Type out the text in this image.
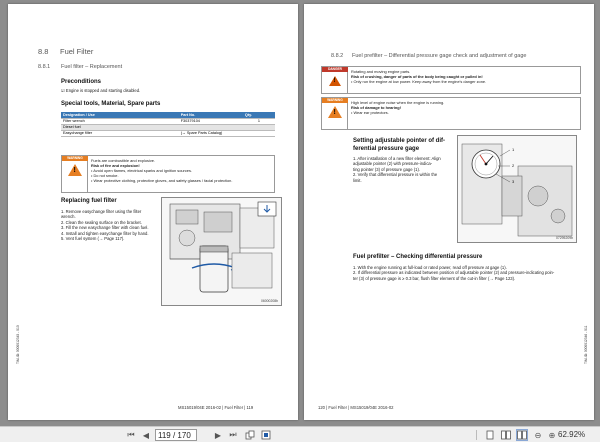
8.8 Fuel Filter
8.8.1 Fuel filter – Replacement
Preconditions
☑ Engine is stopped and starting disabled.
Special tools, Material, Spare parts
Designation / Use	Part No.	Qty.
Filter wrench	F30379104	1
Diesel fuel		
Easychange filter	(→ Spare Parts Catalog)	
WARNING
!
Fuels are combustible and explosive.
Risk of fire and explosion!
• Avoid open flames, electrical sparks and ignition sources.
• Do not smoke.
• Wear protective clothing, protective gloves, and safety glasses / facial protection.
Replacing fuel filter
1. Remove easychange filter using the filter
wrench.
2. Clean the sealing surface on the bracket.
3. Fill the new easychange filter with clean fuel.
4. Install and tighten easychange filter by hand.
5. Vent fuel system (→ Page 117).
06000208b
MS15019/04E 2016-02 | Fuel Filter | 119
TIM-ID: 0000012345 - 010
8.8.2 Fuel prefilter – Differential pressure gage check and adjustment of gage
DANGER
!
Rotating and moving engine parts.
Risk of crushing, danger of parts of the body being caught or pulled in!
• Only run the engine at low power. Keep away from the engine's danger zone.
WARNING
!
High level of engine noise when the engine is running.
Risk of damage to hearing!
• Wear ear protectors.
Setting adjustable pointer of dif-
ferential pressure gage
1. After installation of a new filter element: Align
adjustable pointer (2) with pressure-indica-
ting pointer (3) of pressure gage (1).
2. Verify that differential pressure is within the
limit.
1
2
3
07295209b
Fuel prefilter – Checking differential pressure
1. With the engine running at full-load or rated power, read off pressure at gage (1).
2. If differential pressure as indicated between position of adjustable pointer (2) and pressure-indicating poin-
ter (3) of pressure gage is ≥ 0.3 bar, flush filter element of the cut-in filter (→ Page 123).
120 | Fuel Filter | MS15019/04E 2016-02
TIM-ID: 0000012346 - 011
⏮	◀
119 / 170	▶	⏭	⊖ ⊕ 62.92%
